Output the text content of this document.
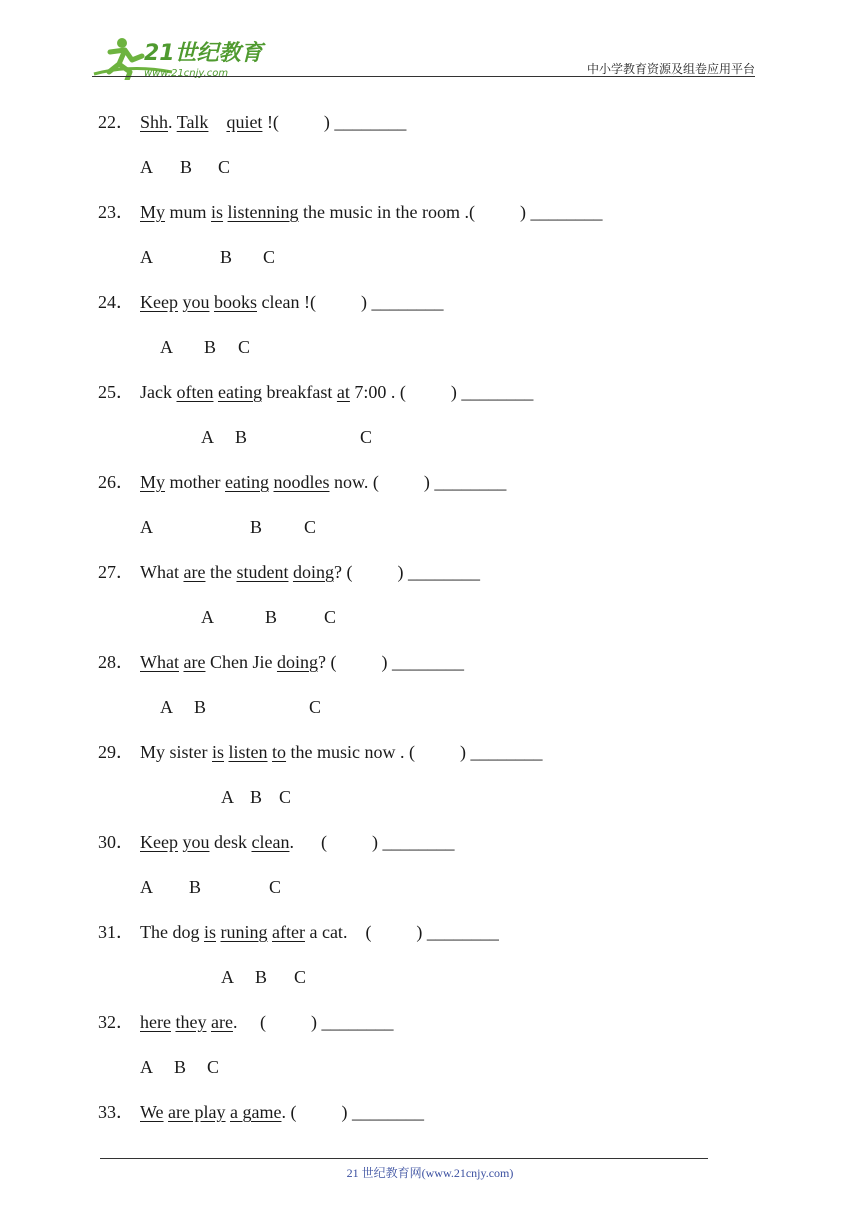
21世纪教育
www.21cnjy.com	中小学教育资源及组卷应用平台
22． Shh. Talk quiet !(          ) ________
A B C
23． My mum is listenning the music in the room .(          ) ________
A	B C
24． Keep you books clean !(          ) ________
A B C
25． Jack often eating breakfast at 7:00 . (          ) ________
A B	C
26． My mother eating noodles now. (          ) ________
A	B C
27． What are the student doing? (          ) ________
A	B	C
28． What are Chen Jie doing? (          ) ________
A B	C
29． My sister is listen to the music now . (          ) ________
A B C
30． Keep you desk clean.      (          ) ________
A B	C
31． The dog is runing after a cat.    (          ) ________
A B C
32． here they are.     (          ) ________
A B C
33． We are play a game. (          ) ________
21 世纪教育网(www.21cnjy.com)
